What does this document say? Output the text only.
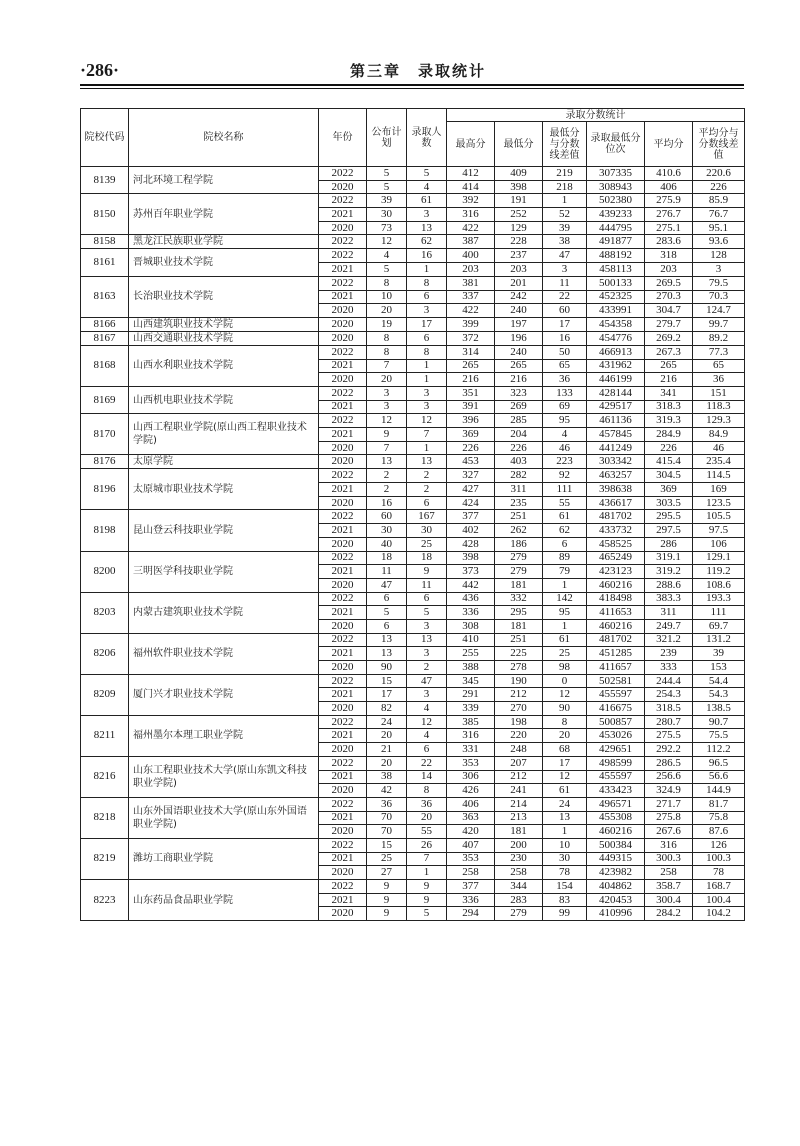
·286·	第三章　录取统计
院校代码	院校名称	年份	公布计划	录取人数	录取分数统计					
					最高分	最低分	最低分与分数线差值	录取最低分位次	平均分	平均分与分数线差值
8139	河北环境工程学院	2022	5	5	412	409	219	307335	410.6	220.6
		2020	5	4	414	398	218	308943	406	226
8150	苏州百年职业学院	2022	39	61	392	191	1	502380	275.9	85.9
		2021	30	3	316	252	52	439233	276.7	76.7
		2020	73	13	422	129	39	444795	275.1	95.1
8158	黑龙江民族职业学院	2022	12	62	387	228	38	491877	283.6	93.6
8161	晋城职业技术学院	2022	4	16	400	237	47	488192	318	128
		2021	5	1	203	203	3	458113	203	3
8163	长治职业技术学院	2022	8	8	381	201	11	500133	269.5	79.5
		2021	10	6	337	242	22	452325	270.3	70.3
		2020	20	3	422	240	60	433991	304.7	124.7
8166	山西建筑职业技术学院	2020	19	17	399	197	17	454358	279.7	99.7
8167	山西交通职业技术学院	2020	8	6	372	196	16	454776	269.2	89.2
8168	山西水利职业技术学院	2022	8	8	314	240	50	466913	267.3	77.3
		2021	7	1	265	265	65	431962	265	65
		2020	20	1	216	216	36	446199	216	36
8169	山西机电职业技术学院	2022	3	3	351	323	133	428144	341	151
		2021	3	3	391	269	69	429517	318.3	118.3
8170	山西工程职业学院(原山西工程职业技术学院)	2022	12	12	396	285	95	461136	319.3	129.3
		2021	9	7	369	204	4	457845	284.9	84.9
		2020	7	1	226	226	46	441249	226	46
8176	太原学院	2020	13	13	453	403	223	303342	415.4	235.4
8196	太原城市职业技术学院	2022	2	2	327	282	92	463257	304.5	114.5
		2021	2	2	427	311	111	398638	369	169
		2020	16	6	424	235	55	436617	303.5	123.5
8198	昆山登云科技职业学院	2022	60	167	377	251	61	481702	295.5	105.5
		2021	30	30	402	262	62	433732	297.5	97.5
		2020	40	25	428	186	6	458525	286	106
8200	三明医学科技职业学院	2022	18	18	398	279	89	465249	319.1	129.1
		2021	11	9	373	279	79	423123	319.2	119.2
		2020	47	11	442	181	1	460216	288.6	108.6
8203	内蒙古建筑职业技术学院	2022	6	6	436	332	142	418498	383.3	193.3
		2021	5	5	336	295	95	411653	311	111
		2020	6	3	308	181	1	460216	249.7	69.7
8206	福州软件职业技术学院	2022	13	13	410	251	61	481702	321.2	131.2
		2021	13	3	255	225	25	451285	239	39
		2020	90	2	388	278	98	411657	333	153
8209	厦门兴才职业技术学院	2022	15	47	345	190	0	502581	244.4	54.4
		2021	17	3	291	212	12	455597	254.3	54.3
		2020	82	4	339	270	90	416675	318.5	138.5
8211	福州墨尔本理工职业学院	2022	24	12	385	198	8	500857	280.7	90.7
		2021	20	4	316	220	20	453026	275.5	75.5
		2020	21	6	331	248	68	429651	292.2	112.2
8216	山东工程职业技术大学(原山东凯文科技职业学院)	2022	20	22	353	207	17	498599	286.5	96.5
		2021	38	14	306	212	12	455597	256.6	56.6
		2020	42	8	426	241	61	433423	324.9	144.9
8218	山东外国语职业技术大学(原山东外国语职业学院)	2022	36	36	406	214	24	496571	271.7	81.7
		2021	70	20	363	213	13	455308	275.8	75.8
		2020	70	55	420	181	1	460216	267.6	87.6
8219	潍坊工商职业学院	2022	15	26	407	200	10	500384	316	126
		2021	25	7	353	230	30	449315	300.3	100.3
		2020	27	1	258	258	78	423982	258	78
8223	山东药品食品职业学院	2022	9	9	377	344	154	404862	358.7	168.7
		2021	9	9	336	283	83	420453	300.4	100.4
		2020	9	5	294	279	99	410996	284.2	104.2
